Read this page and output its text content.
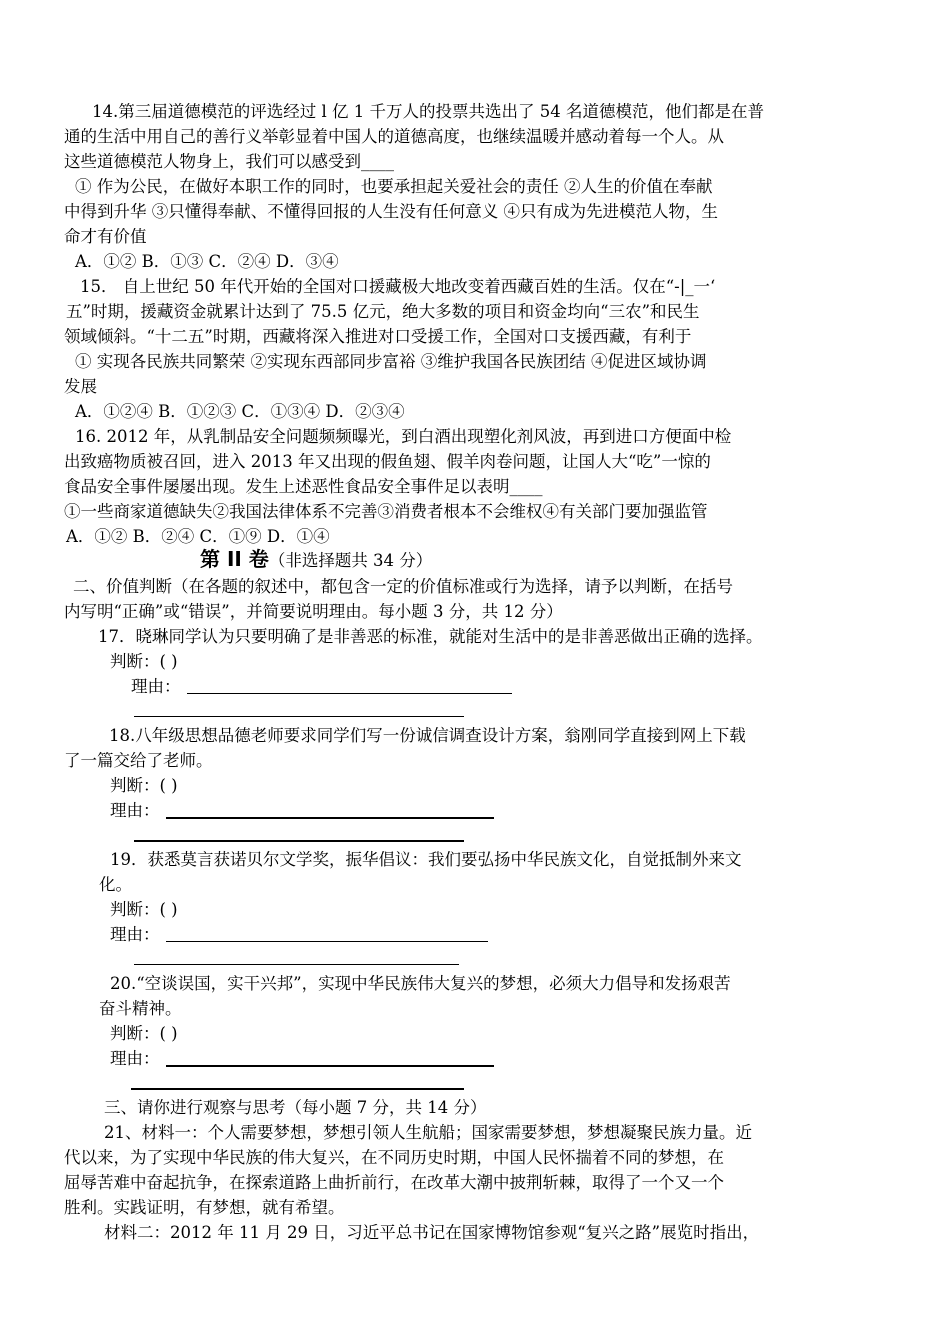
14.第三届道德模范的评选经过 l 亿 1 千万人的投票共选出了 54 名道德模范，他们都是在普
通的生活中用自己的善行义举彰显着中国人的道德高度，也继续温暖并感动着每一个人。从
这些道德模范人物身上，我们可以感受到____
① 作为公民，在做好本职工作的同时，也要承担起关爱社会的责任 ②人生的价值在奉献
中得到升华 ③只懂得奉献、不懂得回报的人生没有任何意义 ④只有成为先进模范人物，生
命才有价值
A．①② B．①③ C．②④ D．③④
15． 自上世纪 50 年代开始的全国对口援藏极大地改变着西藏百姓的生活。仅在“-|_一‘
五”时期，援藏资金就累计达到了 75.5 亿元，绝大多数的项目和资金均向“三农”和民生
领域倾斜。“十二五”时期，西藏将深入推进对口受援工作，全国对口支援西藏，有利于
① 实现各民族共同繁荣 ②实现东西部同步富裕 ③维护我国各民族团结 ④促进区域协调
发展
A．①②④ B．①②③ C．①③④ D．②③④
16. 2012 年，从乳制品安全问题频频曝光，到白酒出现塑化剂风波，再到进口方便面中检
出致癌物质被召回，进入 2013 年又出现的假鱼翅、假羊肉卷问题，让国人大“吃”一惊的
食品安全事件屡屡出现。发生上述恶性食品安全事件足以表明____
①一些商家道德缺失②我国法律体系不完善③消费者根本不会维权④有关部门要加强监管
A．①② B．②④ C．①⑨ D．①④
第 II 卷（非选择题共 34 分）
二、价值判断（在各题的叙述中，都包含一定的价值标准或行为选择，请予以判断，在括号
内写明“正确”或“错误”，并简要说明理由。每小题 3 分，共 12 分）
17．晓琳同学认为只要明确了是非善恶的标准，就能对生活中的是非善恶做出正确的选择。
判断：( )
理由：
18.八年级思想品德老师要求同学们写一份诚信调查设计方案，翁刚同学直接到网上下载
了一篇交给了老师。
判断：( )
理由：
19．获悉莫言获诺贝尔文学奖，振华倡议：我们要弘扬中华民族文化，自觉抵制外来文
化。
判断：( )
理由：
20.“空谈误国，实干兴邦”，实现中华民族伟大复兴的梦想，必须大力倡导和发扬艰苦
奋斗精神。
判断：( )
理由：
三、请你进行观察与思考（每小题 7 分，共 14 分）
21、材料一：个人需要梦想，梦想引领人生航船；国家需要梦想，梦想凝聚民族力量。近
代以来，为了实现中华民族的伟大复兴，在不同历史时期，中国人民怀揣着不同的梦想，在
屈辱苦难中奋起抗争，在探索道路上曲折前行，在改革大潮中披荆斩棘，取得了一个又一个
胜利。实践证明，有梦想，就有希望。
材料二：2012 年 11 月 29 日，习近平总书记在国家博物馆参观“复兴之路”展览时指出，
